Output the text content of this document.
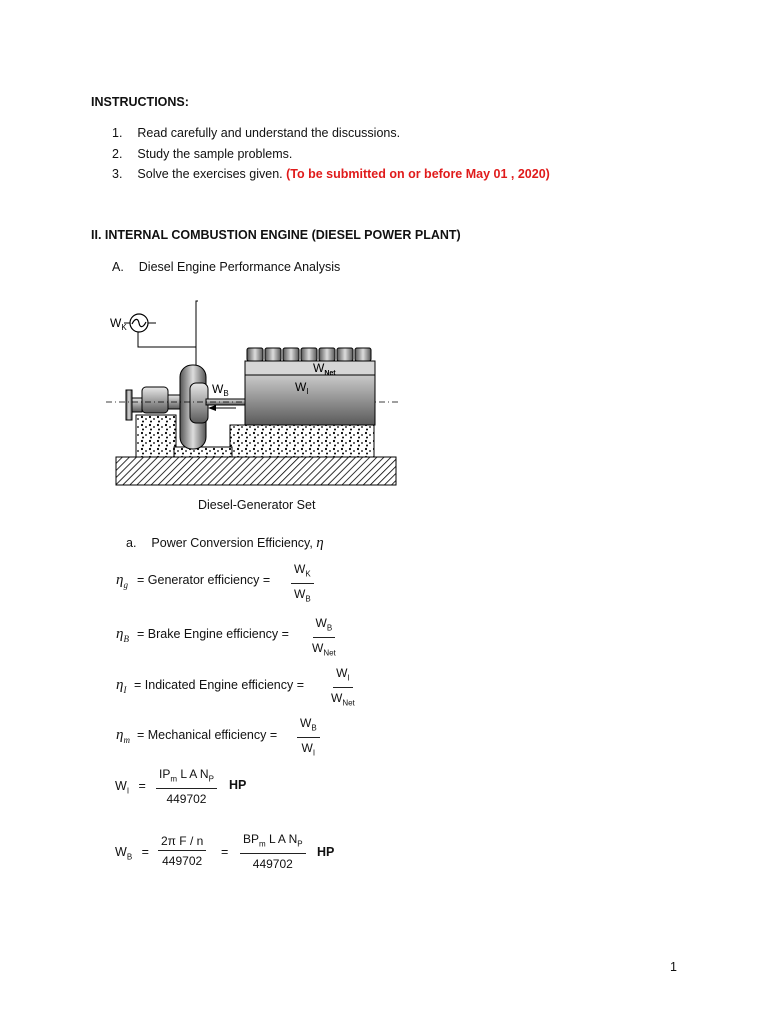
INSTRUCTIONS:
1. Read carefully and understand the discussions.
2. Study the sample problems.
3. Solve the exercises given. (To be submitted on or before May 01 , 2020)
II. INTERNAL COMBUSTION ENGINE (DIESEL POWER PLANT)
A. Diesel Engine Performance Analysis
$W_K$
$W_B$
$W_{Net}$
$W_I$
Diesel-Generator Set
a. Power Conversion Efficiency, η
$\eta_g$ = Generator efficiency = $\frac{W_K}{W_B}$
$\eta_B$ = Brake Engine efficiency =
$W_B$
$W_{Net}$
$\eta_I$ = Indicated Engine efficiency =
$W_I$
$W_{Net}$
$\eta_m$ = Mechanical efficiency = $\frac{W_B}{W_I}$
$W_I$ =
$IP_m$ L A $N_P$
449702
HP
$W_B = \frac{\text{2π F / n}}{449702}$ =
$BP_m$ L A $N_P$
449702
HP
1
